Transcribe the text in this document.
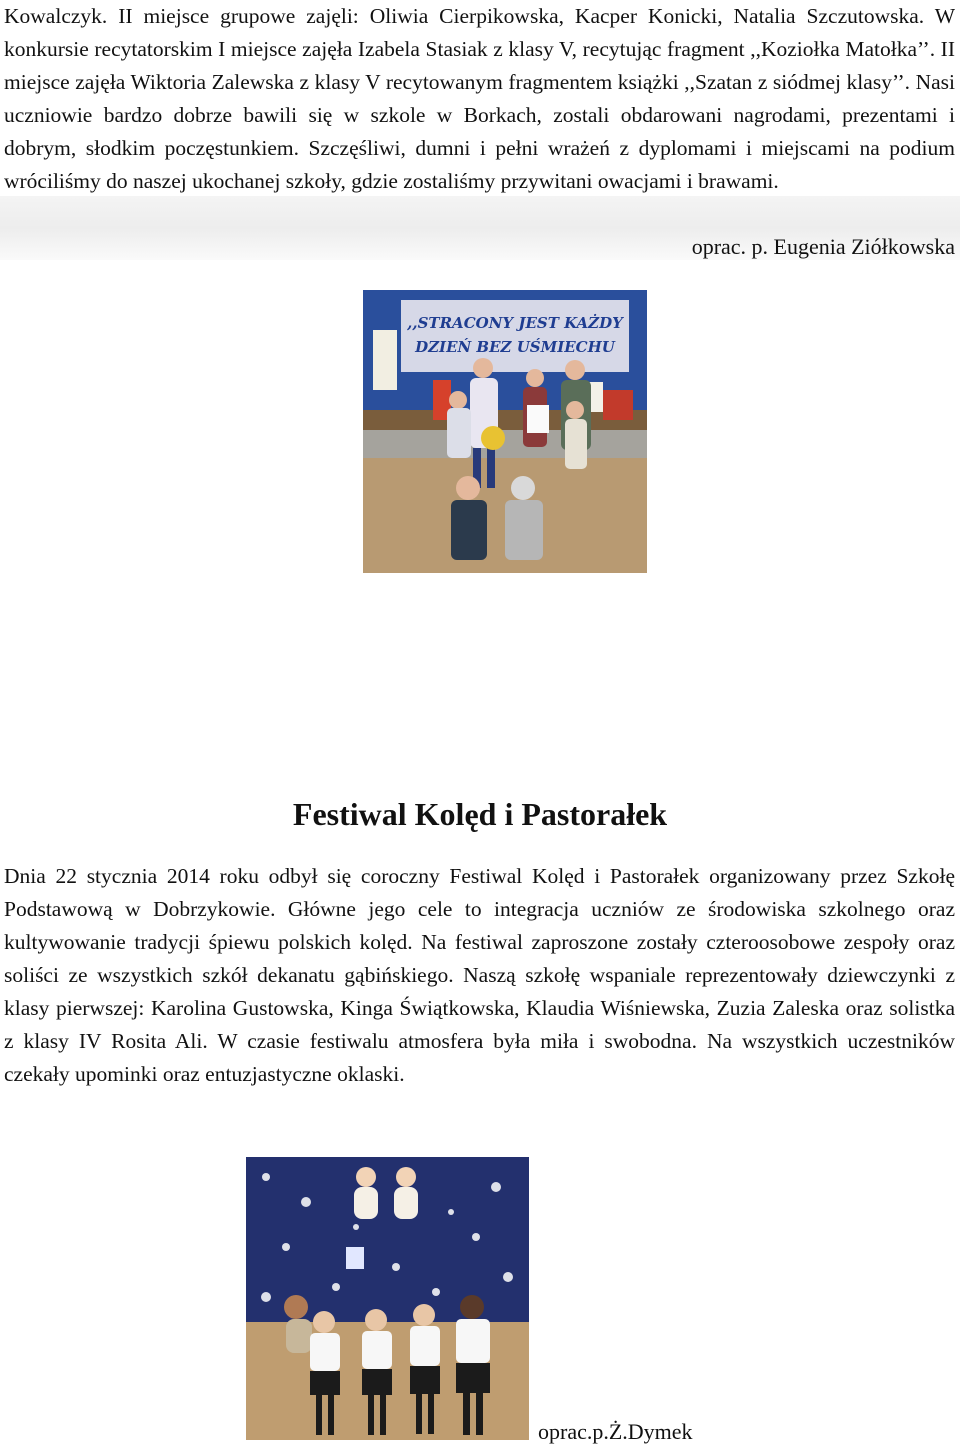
Kowalczyk. II miejsce grupowe zajęli: Oliwia Cierpikowska, Kacper Konicki, Natalia Szczutowska. W konkursie recytatorskim I miejsce zajęła Izabela Stasiak z klasy V, recytując fragment ,,Koziołka Matołka’’. II miejsce zajęła Wiktoria Zalewska z klasy V recytowanym fragmentem książki ,,Szatan z siódmej klasy’’. Nasi uczniowie bardzo dobrze bawili się w szkole w Borkach, zostali obdarowani nagrodami, prezentami i dobrym, słodkim poczęstunkiem. Szczęśliwi, dumni i pełni wrażeń z dyplomami i miejscami na podium wróciliśmy do naszej ukochanej szkoły, gdzie zostaliśmy przywitani owacjami i brawami.

oprac. p. Eugenia Ziółkowska
,,STRACONY JEST KAŻDY
DZIEŃ BEZ UŚMIECHU
Festiwal Kolęd i Pastorałek

Dnia 22 stycznia 2014 roku odbył się coroczny Festiwal Kolęd i Pastorałek organizowany przez Szkołę Podstawową w Dobrzykowie. Główne jego cele to integracja uczniów ze środowiska szkolnego oraz kultywowanie tradycji śpiewu polskich kolęd. Na festiwal zaproszone zostały czteroosobowe zespoły oraz soliści ze wszystkich szkół dekanatu gąbińskiego. Naszą szkołę wspaniale reprezentowały dziewczynki z klasy pierwszej: Karolina Gustowska, Kinga Świątkowska, Klaudia Wiśniewska, Zuzia Zaleska oraz solistka z klasy IV Rosita Ali. W czasie festiwalu atmosfera była miła i swobodna. Na wszystkich uczestników czekały upominki oraz entuzjastyczne oklaski.

oprac.p.Ż.Dymek
